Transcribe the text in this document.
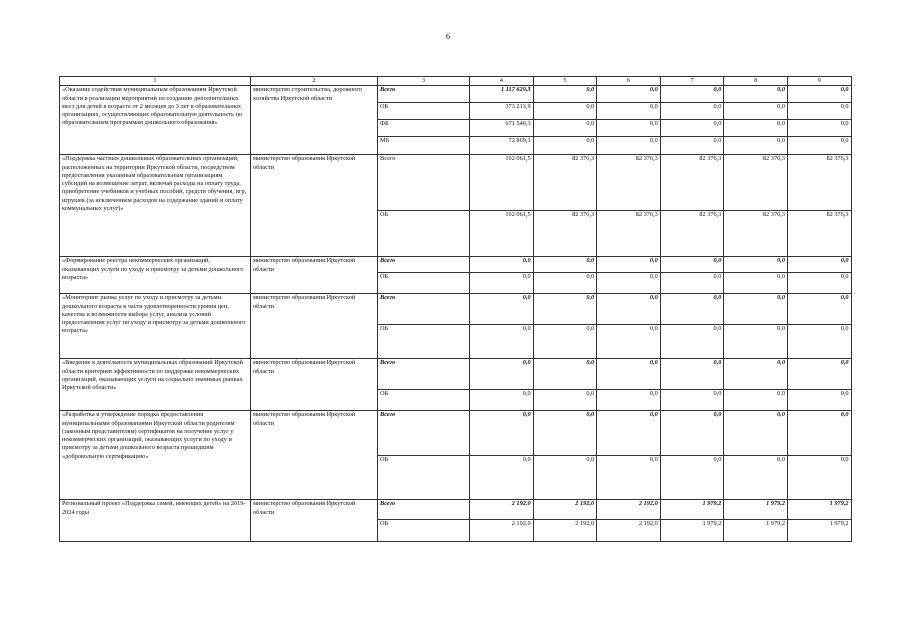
6
1	2	3	4	5	6	7	8	9
«Оказание содействия муниципальным образованиям Иркутской области в реализации мероприятий по созданию дополнительных мест для детей в возрасте от 2 месяцев до 3 лет в образовательных организациях, осуществляющих образовательную деятельность по образовательным программам дошкольного образования»	министерство строительства, дорожного хозяйства Иркутской области	Всего	1 117 629,3	0,0	0,0	0,0	0,0	0,0
		ОБ	373 213,9	0,0	0,0	0,0	0,0	0,0
		ФБ	671 546,3	0,0	0,0	0,0	0,0	0,0
		МБ	72 869,1	0,0	0,0	0,0	0,0	0,0
«Поддержка частных дошкольных образовательных организаций, расположенных на территории Иркутской области, посредством предоставления указанным образовательным организациям субсидий на возмещение затрат, включая расходы на оплату труда, приобретение учебников и учебных пособий, средств обучения, игр, игрушек (за исключением расходов на содержание зданий и оплату коммунальных услуг)»	министерство образования Иркутской области	Всего	102 061,5	82 376,3	82 376,3	82 376,3	82 376,3	82 376,3
		ОБ	102 061,5	82 376,3	82 376,3	82 376,3	82 376,3	82 376,3
«Формирование реестра некоммерческих организаций, оказывающих услуги по уходу и присмотру за детьми дошкольного возраста»	министерство образования Иркутской области	Всего	0,0	0,0	0,0	0,0	0,0	0,0
		ОБ	0,0	0,0	0,0	0,0	0,0	0,0
«Мониторинг рынка услуг по уходу и присмотру за детьми дошкольного возраста в части удовлетворенности уровня цен, качества и возможности выбора услуг, анализа условий предоставления услуг по уходу и присмотру за детьми дошкольного возраста»	министерство образования Иркутской области	Всего	0,0	0,0	0,0	0,0	0,0	0,0
		ОБ	0,0	0,0	0,0	0,0	0,0	0,0
«Введение в деятельность муниципальных образований Иркутской области критериев эффективности по поддержке некоммерческих организаций, оказывающих услуги на социально значимых рынках Иркутской области»	министерство образования Иркутской области	Всего	0,0	0,0	0,0	0,0	0,0	0,0
		ОБ	0,0	0,0	0,0	0,0	0,0	0,0
«Разработка и утверждение порядка предоставления муниципальными образованиями Иркутской области родителям (законным представителям) сертификатов на получение услуг у некоммерческих организаций, оказывающих услуги по уходу и присмотру за детьми дошкольного возраста прошедшим «добровольную сертификацию»	министерство образования Иркутской области	Всего	0,0	0,0	0,0	0,0	0,0	0,0
		ОБ	0,0	0,0	0,0	0,0	0,0	0,0
Региональный проект «Поддержка семей, имеющих детей» на 2019-2024 годы	министерство образования Иркутской области	Всего	2 192,0	2 192,0	2 192,0	1 979,2	1 979,2	1 979,2
		ОБ	2 192,0	2 192,0	2 192,0	1 979,2	1 979,2	1 979,2
